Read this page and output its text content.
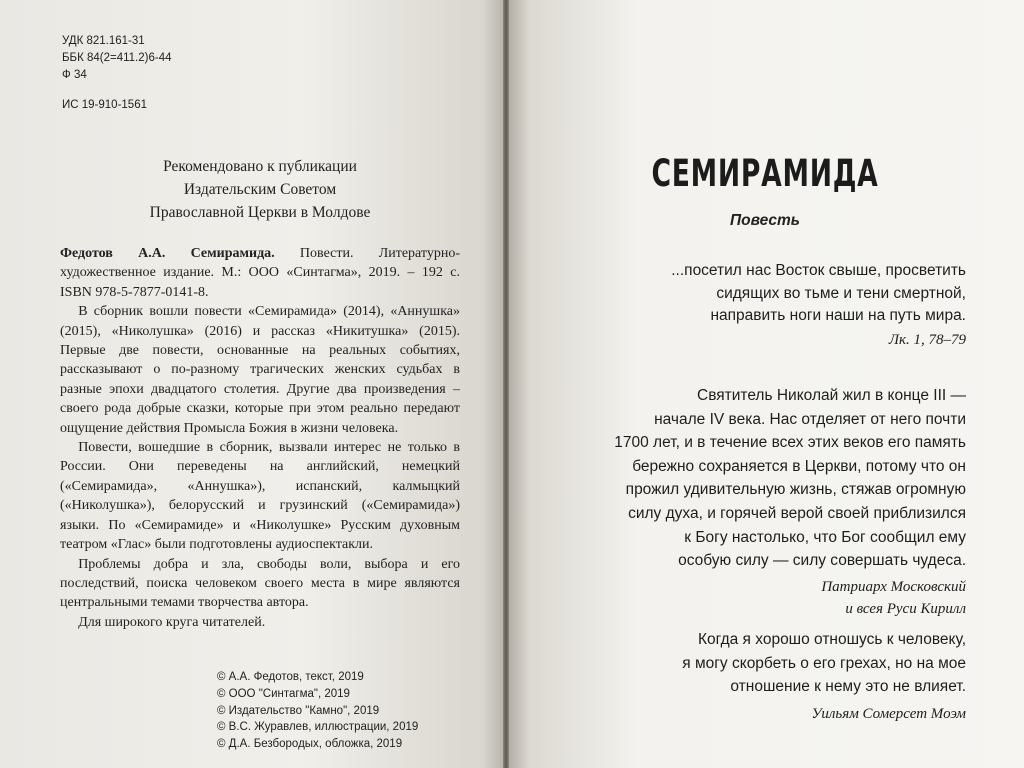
УДК 821.161-31
ББК 84(2=411.2)6-44
Ф 34
ИС 19-910-1561
Рекомендовано к публикации
Издательским Советом
Православной Церкви в Молдове

Федотов А.А. Семирамида. Повести. Литературно-художественное издание. М.: ООО «Синтагма», 2019. – 192 с. ISBN 978-5-7877-0141-8.

В сборник вошли повести «Семирамида» (2014), «Аннушка» (2015), «Николушка» (2016) и рассказ «Никитушка» (2015). Первые две повести, основанные на реальных событиях, рассказывают о по-разному трагических женских судьбах в разные эпохи двадцатого столетия. Другие два произведения – своего рода добрые сказки, которые при этом реально передают ощущение действия Промысла Божия в жизни человека.

Повести, вошедшие в сборник, вызвали интерес не только в России. Они переведены на английский, немецкий («Семирамида», «Аннушка»), испанский, калмыцкий («Николушка»), белорусский и грузинский («Семирамида») языки. По «Семирамиде» и «Николушке» Русским духовным театром «Глас» были подготовлены аудиоспектакли.

Проблемы добра и зла, свободы воли, выбора и его последствий, поиска человеком своего места в мире являются центральными темами творчества автора.

Для широкого круга читателей.

© А.А. Федотов, текст, 2019
© ООО "Синтагма", 2019
© Издательство "Камно", 2019
© В.С. Журавлев, иллюстрации, 2019
© Д.А. Безбородых, обложка, 2019
СЕМИРАМИДА
Повесть
...посетил нас Восток свыше, просветить
сидящих во тьме и тени смертной,
направить ноги наши на путь мира.
Лк. 1, 78–79
Святитель Николай жил в конце III —
начале IV века. Нас отделяет от него почти
1700 лет, и в течение всех этих веков его память
бережно сохраняется в Церкви, потому что он
прожил удивительную жизнь, стяжав огромную
силу духа, и горячей верой своей приблизился
к Богу настолько, что Бог сообщил ему
особую силу — силу совершать чудеса.
Патриарх Московский
и всея Руси Кирилл
Когда я хорошо отношусь к человеку,
я могу скорбеть о его грехах, но на мое
отношение к нему это не влияет.
Уильям Сомерсет Моэм
